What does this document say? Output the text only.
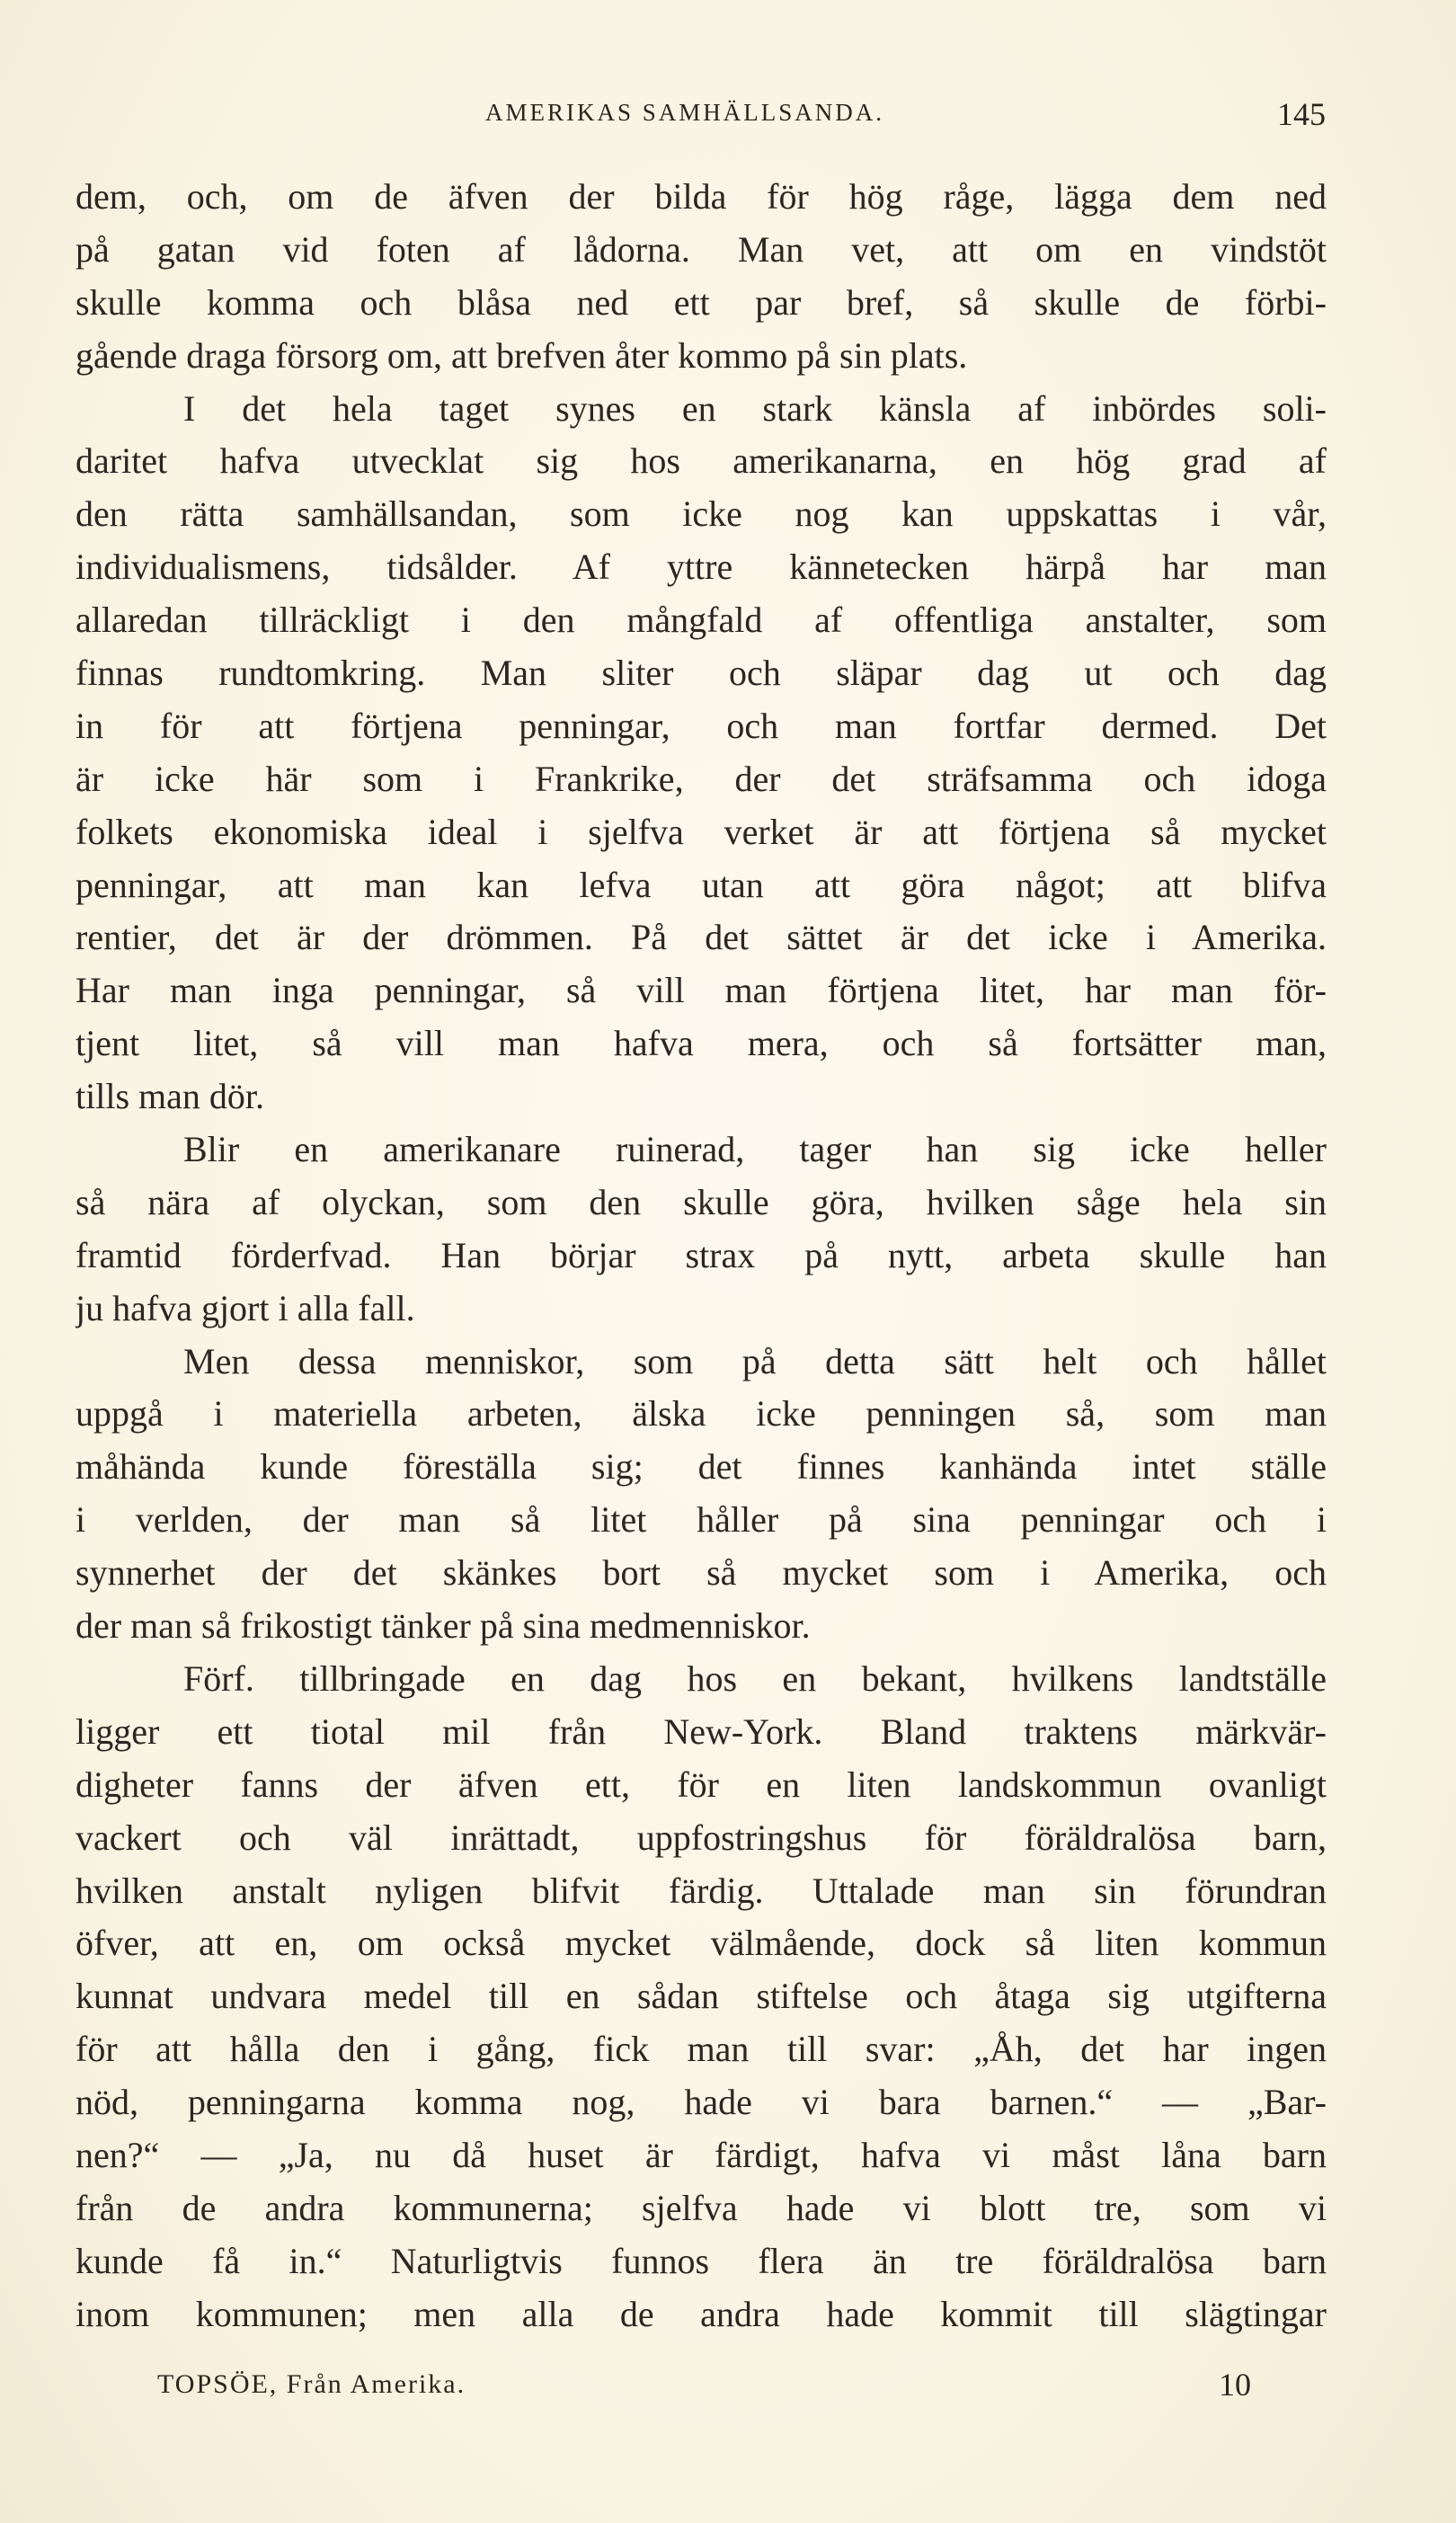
AMERIKAS SAMHÄLLSANDA.	145
dem, och, om de äfven der bilda för hög råge, lägga dem ned
på gatan vid foten af lådorna. Man vet, att om en vindstöt
skulle komma och blåsa ned ett par bref, så skulle de förbi-
gående draga försorg om, att brefven åter kommo på sin plats.
I det hela taget synes en stark känsla af inbördes soli-
daritet hafva utvecklat sig hos amerikanarna, en hög grad af
den rätta samhällsandan, som icke nog kan uppskattas i vår,
individualismens, tidsålder. Af yttre kännetecken härpå har man
allaredan tillräckligt i den mångfald af offentliga anstalter, som
finnas rundtomkring. Man sliter och släpar dag ut och dag
in för att förtjena penningar, och man fortfar dermed. Det
är icke här som i Frankrike, der det sträfsamma och idoga
folkets ekonomiska ideal i sjelfva verket är att förtjena så mycket
penningar, att man kan lefva utan att göra något; att blifva
rentier, det är der drömmen. På det sättet är det icke i Amerika.
Har man inga penningar, så vill man förtjena litet, har man för-
tjent litet, så vill man hafva mera, och så fortsätter man,
tills man dör.
Blir en amerikanare ruinerad, tager han sig icke heller
så nära af olyckan, som den skulle göra, hvilken såge hela sin
framtid förderfvad. Han börjar strax på nytt, arbeta skulle han
ju hafva gjort i alla fall.
Men dessa menniskor, som på detta sätt helt och hållet
uppgå i materiella arbeten, älska icke penningen så, som man
måhända kunde föreställa sig; det finnes kanhända intet ställe
i verlden, der man så litet håller på sina penningar och i
synnerhet der det skänkes bort så mycket som i Amerika, och
der man så frikostigt tänker på sina medmenniskor.
Förf. tillbringade en dag hos en bekant, hvilkens landtställe
ligger ett tiotal mil från New-York. Bland traktens märkvär-
digheter fanns der äfven ett, för en liten landskommun ovanligt
vackert och väl inrättadt, uppfostringshus för föräldralösa barn,
hvilken anstalt nyligen blifvit färdig. Uttalade man sin förundran
öfver, att en, om också mycket välmående, dock så liten kommun
kunnat undvara medel till en sådan stiftelse och åtaga sig utgifterna
för att hålla den i gång, fick man till svar: „Åh, det har ingen
nöd, penningarna komma nog, hade vi bara barnen.“ — „Bar-
nen?“ — „Ja, nu då huset är färdigt, hafva vi måst låna barn
från de andra kommunerna; sjelfva hade vi blott tre, som vi
kunde få in.“ Naturligtvis funnos flera än tre föräldralösa barn
inom kommunen; men alla de andra hade kommit till slägtingar
TOPSÖE, Från Amerika.	10
